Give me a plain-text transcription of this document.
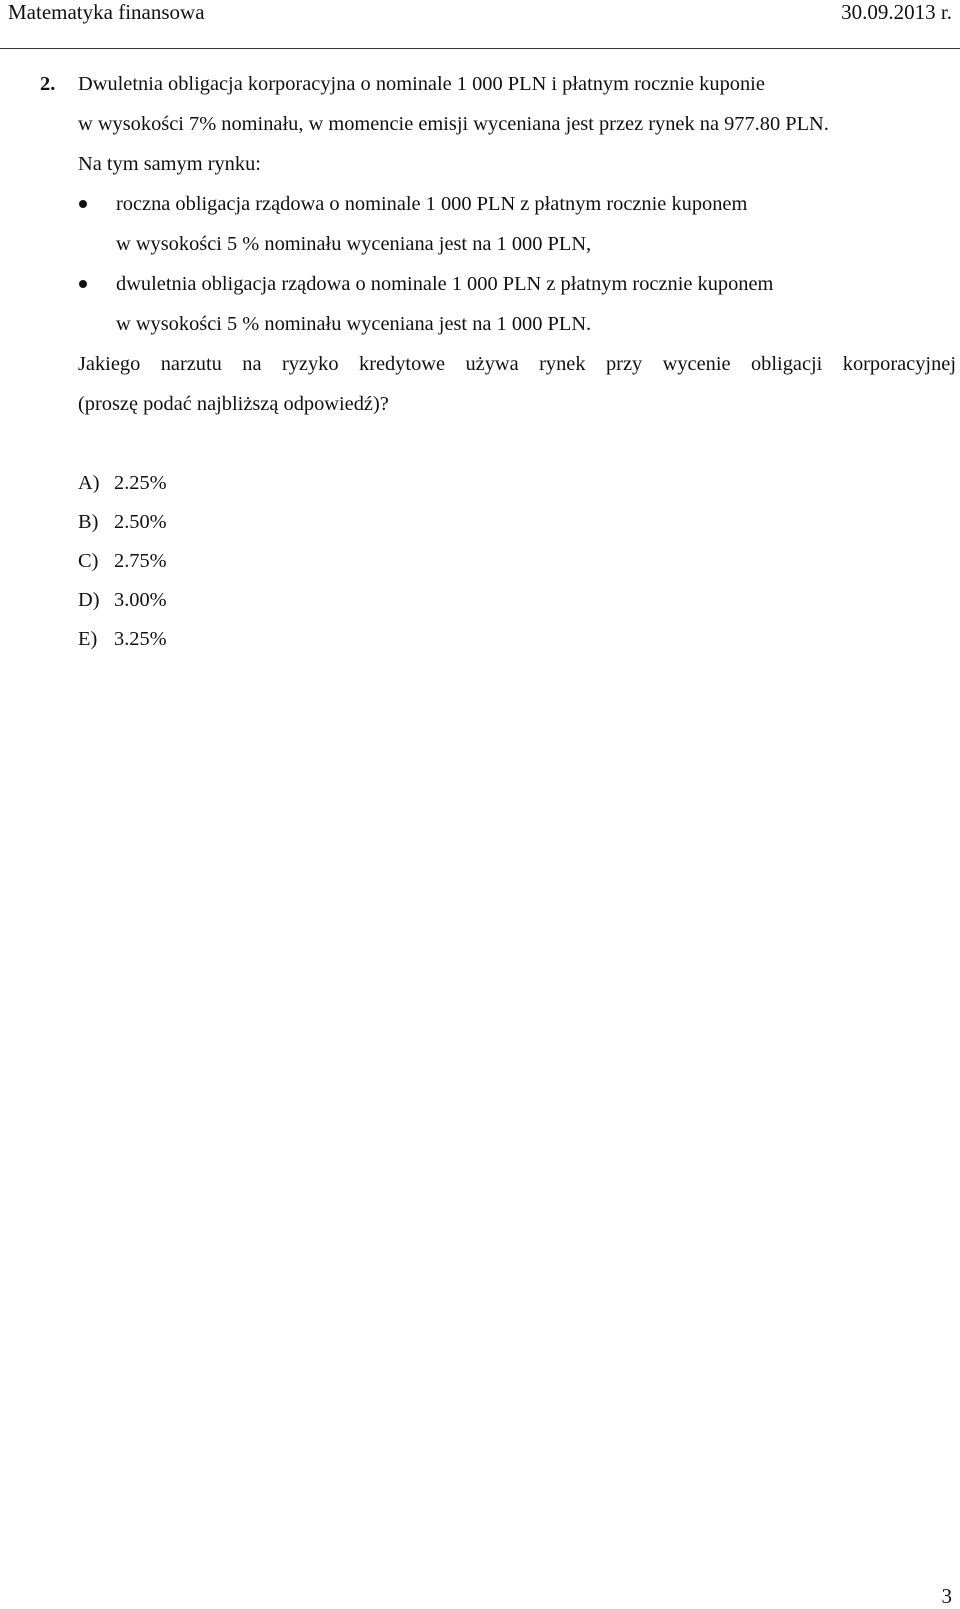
Matematyka finansowa	30.09.2013 r.
2. Dwuletnia obligacja korporacyjna o nominale 1 000 PLN i płatnym rocznie kuponie
w wysokości 7% nominału, w momencie emisji wyceniana jest przez rynek na 977.80 PLN.
Na tym samym rynku:
roczna obligacja rządowa o nominale 1 000 PLN z płatnym rocznie kuponem
w wysokości 5 % nominału wyceniana jest na 1 000 PLN,
dwuletnia obligacja rządowa o nominale 1 000 PLN z płatnym rocznie kuponem
w wysokości 5 % nominału wyceniana jest na 1 000 PLN.
Jakiego narzutu na ryzyko kredytowe używa rynek przy wycenie obligacji korporacyjnej
(proszę podać najbliższą odpowiedź)?
A) 2.25%
B) 2.50%
C) 2.75%
D) 3.00%
E) 3.25%
3
